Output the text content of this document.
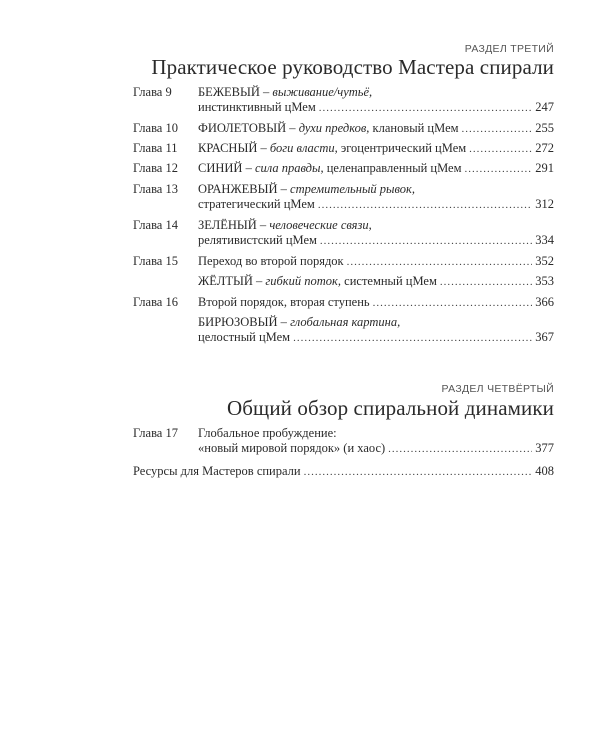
РАЗДЕЛ ТРЕТИЙ
Практическое руководство Мастера спирали
Глава 9	БЕЖЕВЫЙ – выживание/чутьё,
инстинктивный цМем .....	247
Глава 10	ФИОЛЕТОВЫЙ – духи предков, клановый цМем .....	255
Глава 11	КРАСНЫЙ – боги власти, эгоцентрический цМем .....	272
Глава 12	СИНИЙ – сила правды, целенаправленный цМем .....	291
Глава 13	ОРАНЖЕВЫЙ – стремительный рывок,
стратегический цМем .....	312
Глава 14	ЗЕЛЁНЫЙ – человеческие связи,
релятивистский цМем .....	334
Глава 15	Переход во второй порядок .....	352
ЖЁЛТЫЙ – гибкий поток, системный цМем .....	353
Глава 16	Второй порядок, вторая ступень .....	366
БИРЮЗОВЫЙ – глобальная картина,
целостный цМем .....	367
РАЗДЕЛ ЧЕТВЁРТЫЙ
Общий обзор спиральной динамики
Глава 17	Глобальное пробуждение:
«новый мировой порядок» (и хаос) .....	377
Ресурсы для Мастеров спирали .....	408
